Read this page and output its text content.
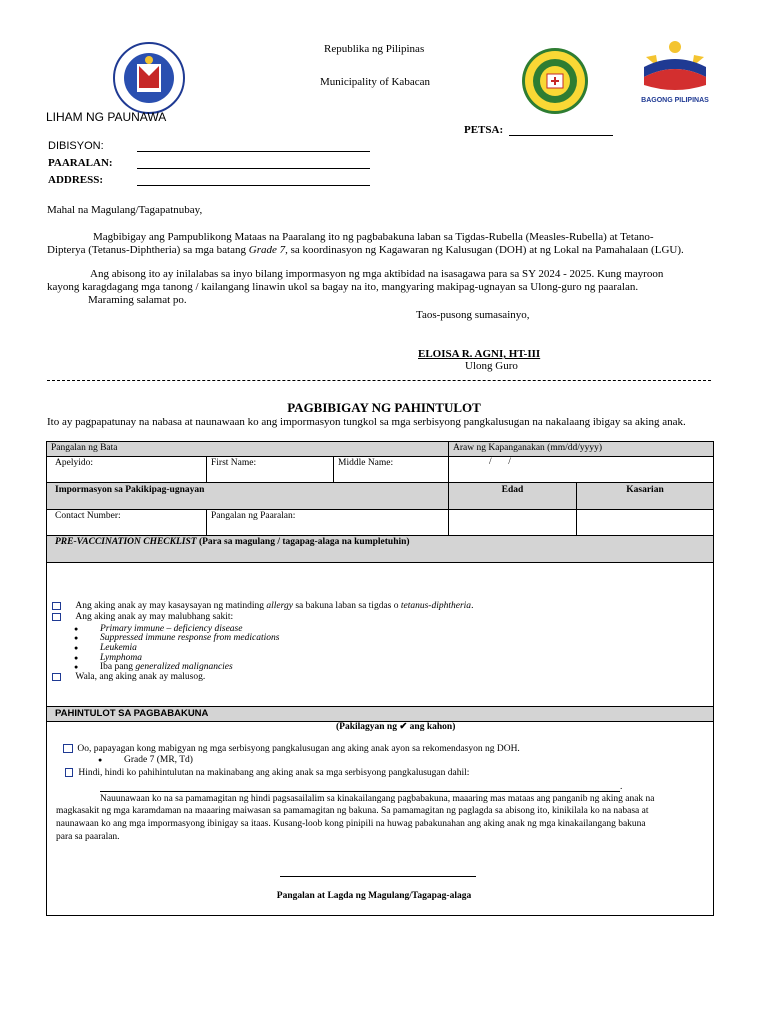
Republika ng Pilipinas
Municipality of Kabacan
BAGONG PILIPINAS
LIHAM NG PAUNAWA
PETSA:
DIBISYON:
PAARALAN:
ADDRESS:
Mahal na Magulang/Tagapatnubay,
Magbibigay ang Pampublikong Mataas na Paaralang ito ng pagbabakuna laban sa Tigdas-Rubella (Measles-Rubella) at Tetano-
Dipterya (Tetanus-Diphtheria) sa mga batang Grade 7, sa koordinasyon ng Kagawaran ng Kalusugan (DOH) at ng Lokal na Pamahalaan (LGU).
Ang abisong ito ay inilalabas sa inyo bilang impormasyon ng mga aktibidad na isasagawa para sa SY 2024 - 2025. Kung mayroon
kayong karagdagang mga tanong / kailangang linawin ukol sa bagay na ito, mangyaring makipag-ugnayan sa Ulong-guro ng paaralan.
Maraming salamat po.
Taos-pusong sumasainyo,
ELOISA R. AGNI, HT-III
Ulong Guro
PAGBIBIGAY NG PAHINTULOT
Ito ay pagpapatunay na nabasa at naunawaan ko ang impormasyon tungkol sa mga serbisyong pangkalusugan na nakalaang ibigay sa aking anak.
Pangalan ng Bata	Araw ng Kapanganakan (mm/dd/yyyy)
Apelyido:	First Name:	Middle Name:	/       /
Impormasyon sa Pakikipag-ugnayan	Edad	Kasarian
Contact Number:	Pangalan ng Paaralan:
PRE-VACCINATION CHECKLIST (Para sa magulang / tagapag-alaga na kumpletuhin)
Ang aking anak ay may kasaysayan ng matinding allergy sa bakuna laban sa tigdas o tetanus-diphtheria.
Ang aking anak ay may malubhang sakit:
● Primary immune – deficiency disease
● Suppressed immune response from medications
● Leukemia
● Lymphoma
● Iba pang generalized malignancies
Wala, ang aking anak ay malusog.
PAHINTULOT SA PAGBABAKUNA
(Pakilagyan ng ✔ ang kahon)
Oo, papayagan kong mabigyan ng mga serbisyong pangkalusugan ang aking anak ayon sa rekomendasyon ng DOH.
● Grade 7 (MR, Td)
Hindi, hindi ko pahihintulutan na makinabang ang aking anak sa mga serbisyong pangkalusugan dahil:
.
Nauunawaan ko na sa pamamagitan ng hindi pagsasailalim sa kinakailangang pagbabakuna, maaaring mas mataas ang panganib ng aking anak na
magkasakit ng mga karamdaman na maaaring maiwasan sa pamamagitan ng bakuna. Sa pamamagitan ng paglagda sa abisong ito, kinikilala ko na nabasa at
naunawaan ko ang mga impormasyong ibinigay sa itaas. Kusang-loob kong pinipili na huwag pabakunahan ang aking anak ng mga kinakailangang bakuna
para sa paaralan.
Pangalan at Lagda ng Magulang/Tagapag-alaga
